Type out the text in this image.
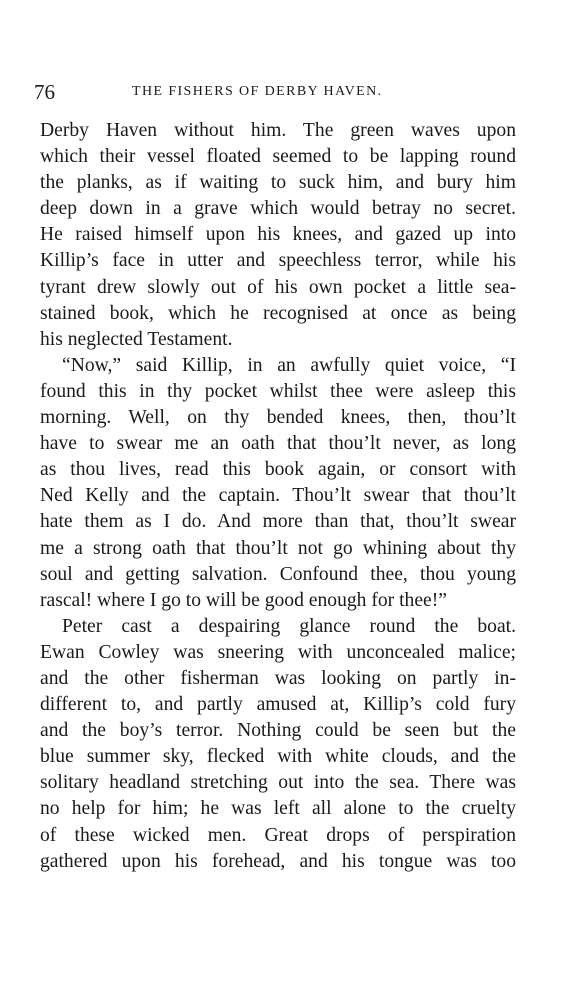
76	THE FISHERS OF DERBY HAVEN.
Derby Haven without him. The green waves upon
which their vessel floated seemed to be lapping round
the planks, as if waiting to suck him, and bury him
deep down in a grave which would betray no secret.
He raised himself upon his knees, and gazed up into
Killip’s face in utter and speechless terror, while his
tyrant drew slowly out of his own pocket a little sea-
stained book, which he recognised at once as being
his neglected Testament.
“Now,” said Killip, in an awfully quiet voice, “I
found this in thy pocket whilst thee were asleep this
morning. Well, on thy bended knees, then, thou’lt
have to swear me an oath that thou’lt never, as long
as thou lives, read this book again, or consort with
Ned Kelly and the captain. Thou’lt swear that thou’lt
hate them as I do. And more than that, thou’lt swear
me a strong oath that thou’lt not go whining about thy
soul and getting salvation. Confound thee, thou young
rascal! where I go to will be good enough for thee!”
Peter cast a despairing glance round the boat.
Ewan Cowley was sneering with unconcealed malice;
and the other fisherman was looking on partly in-
different to, and partly amused at, Killip’s cold fury
and the boy’s terror. Nothing could be seen but the
blue summer sky, flecked with white clouds, and the
solitary headland stretching out into the sea. There was
no help for him; he was left all alone to the cruelty
of these wicked men. Great drops of perspiration
gathered upon his forehead, and his tongue was too
